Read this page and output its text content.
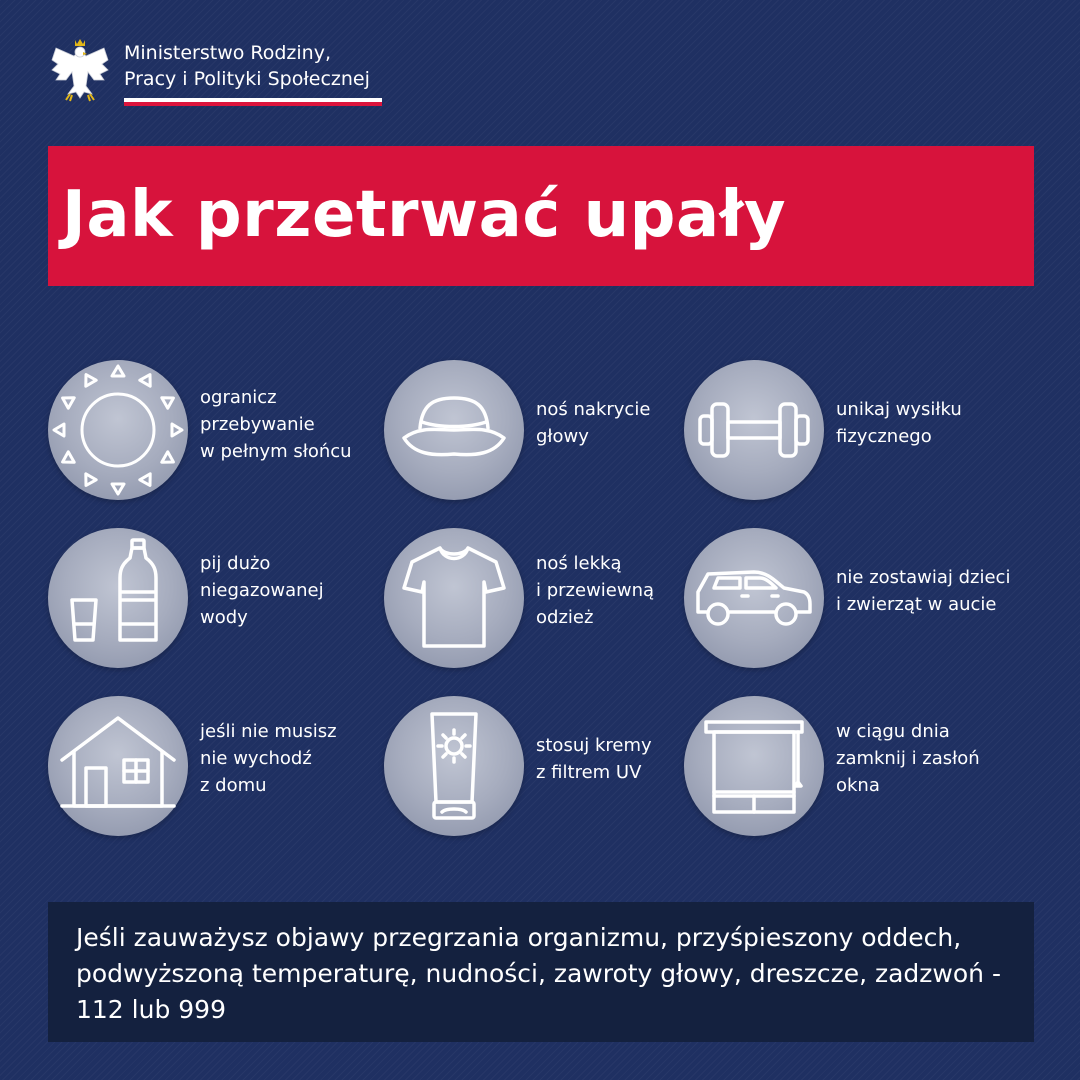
Ministerstwo Rodziny,
Pracy i Polityki Społecznej
Jak przetrwać upały
ogranicz
przebywanie
w pełnym słońcu
noś nakrycie
głowy
unikaj wysiłku
fizycznego
pij dużo
niegazowanej
wody
noś lekką
i przewiewną
odzież
nie zostawiaj dzieci
i zwierząt w aucie
jeśli nie musisz
nie wychodź
z domu
stosuj kremy
z filtrem UV
w ciągu dnia
zamknij i zasłoń
okna

Jeśli zauważysz objawy przegrzania organizmu, przyśpieszony oddech, podwyższoną temperaturę, nudności, zawroty głowy, dreszcze, zadzwoń - 112 lub 999
